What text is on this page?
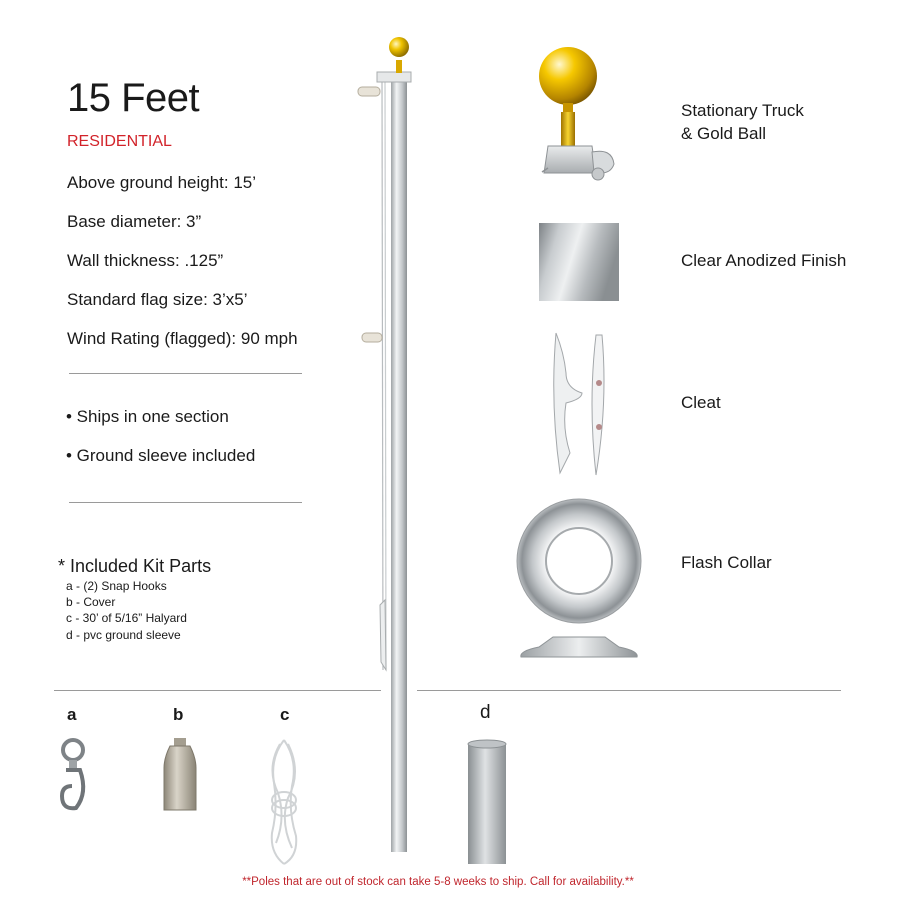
15 Feet
RESIDENTIAL
Above ground height: 15’
Base diameter: 3”
Wall thickness: .125”
Standard flag size: 3’x5’
Wind Rating (flagged): 90 mph
• Ships in one section
• Ground sleeve included
* Included Kit Parts
a - (2) Snap Hooks
b - Cover
c - 30’ of 5/16” Halyard
d - pvc ground sleeve
Stationary Truck
& Gold Ball
Clear Anodized Finish
Cleat
Flash Collar
a	b	c	d
**Poles that are out of stock can take 5-8 weeks to ship. Call for availability.**
